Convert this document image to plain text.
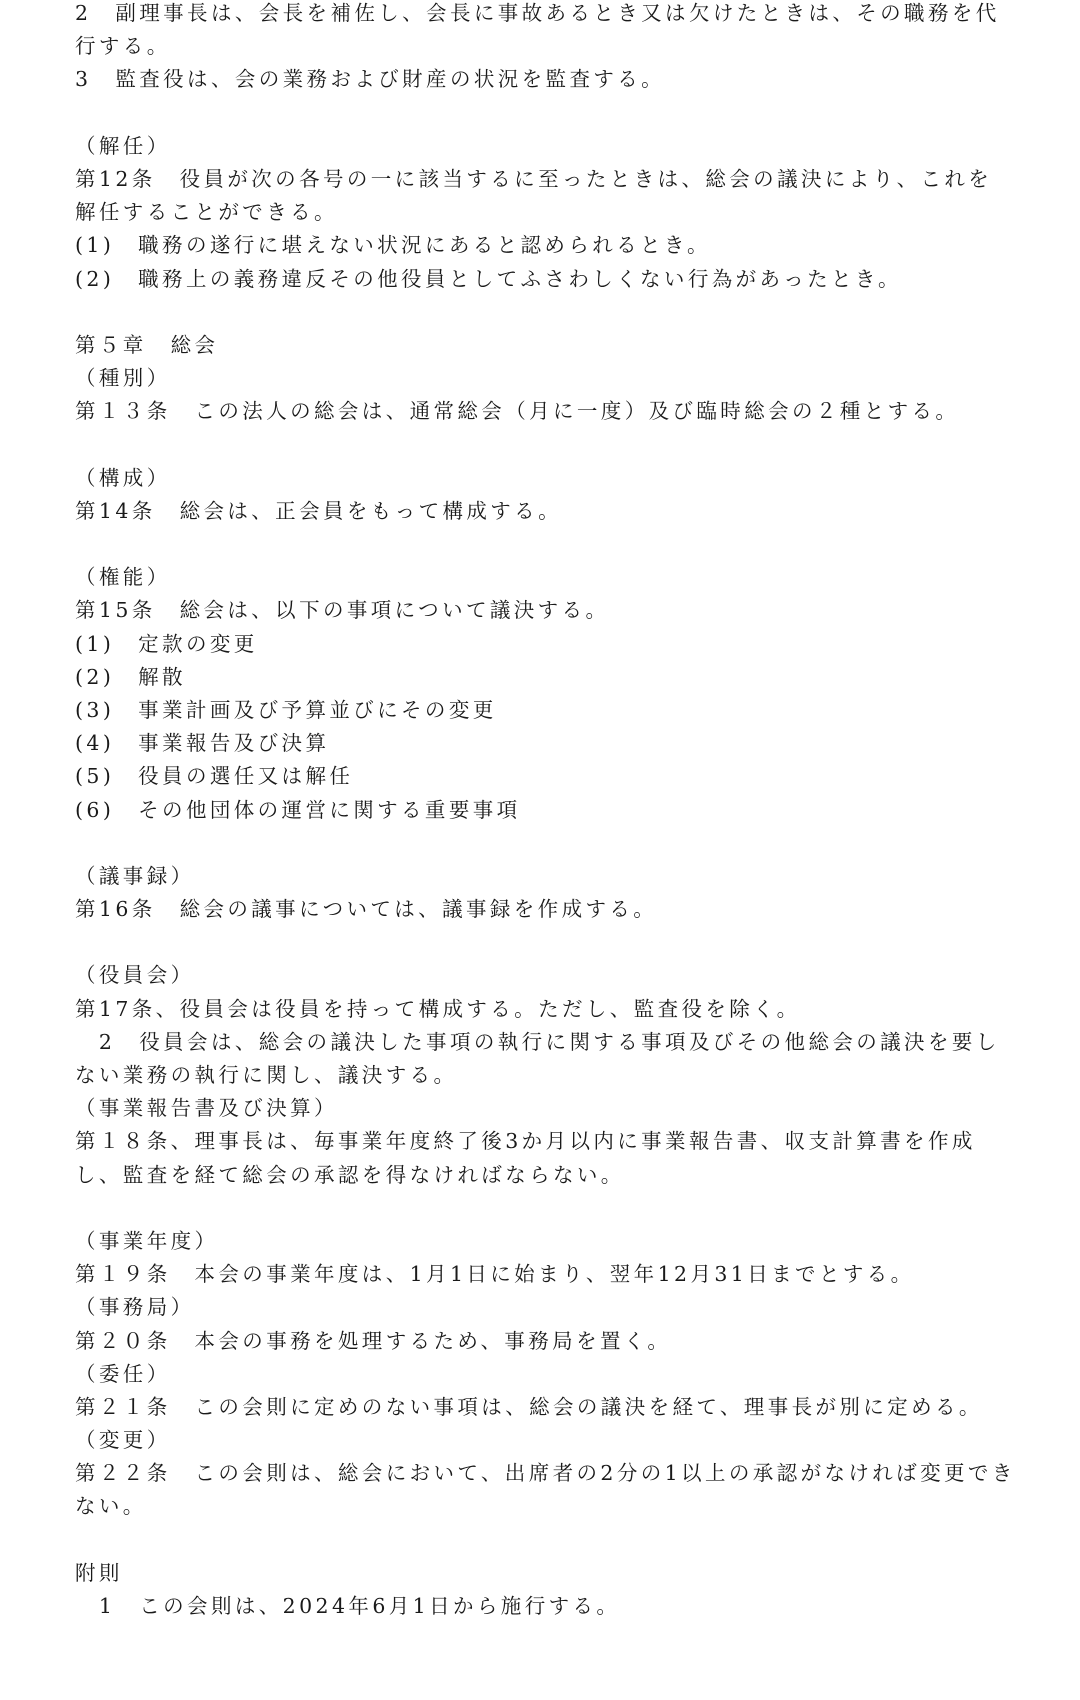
2　副理事長は、会長を補佐し、会長に事故あるとき又は欠けたときは、その職務を代
行する。
3　監査役は、会の業務および財産の状況を監査する。
（解任）
第12条　役員が次の各号の一に該当するに至ったときは、総会の議決により、これを
解任することができる。
(1)　職務の遂行に堪えない状況にあると認められるとき。
(2)　職務上の義務違反その他役員としてふさわしくない行為があったとき。
第５章　総会
（種別）
第１３条　この法人の総会は、通常総会（月に一度）及び臨時総会の２種とする。
（構成）
第14条　総会は、正会員をもって構成する。
（権能）
第15条　総会は、以下の事項について議決する。
(1)　定款の変更
(2)　解散
(3)　事業計画及び予算並びにその変更
(4)　事業報告及び決算
(5)　役員の選任又は解任
(6)　その他団体の運営に関する重要事項
（議事録）
第16条　総会の議事については、議事録を作成する。
（役員会）
第17条、役員会は役員を持って構成する。ただし、監査役を除く。
　2　役員会は、総会の議決した事項の執行に関する事項及びその他総会の議決を要し
ない業務の執行に関し、議決する。
（事業報告書及び決算）
第１８条、理事長は、毎事業年度終了後3か月以内に事業報告書、収支計算書を作成
し、監査を経て総会の承認を得なければならない。
（事業年度）
第１９条　本会の事業年度は、1月1日に始まり、翌年12月31日までとする。
（事務局）
第２０条　本会の事務を処理するため、事務局を置く。
（委任）
第２１条　この会則に定めのない事項は、総会の議決を経て、理事長が別に定める。
（変更）
第２２条　この会則は、総会において、出席者の2分の1以上の承認がなければ変更でき
ない。
附則
　1　この会則は、2024年6月1日から施行する。
